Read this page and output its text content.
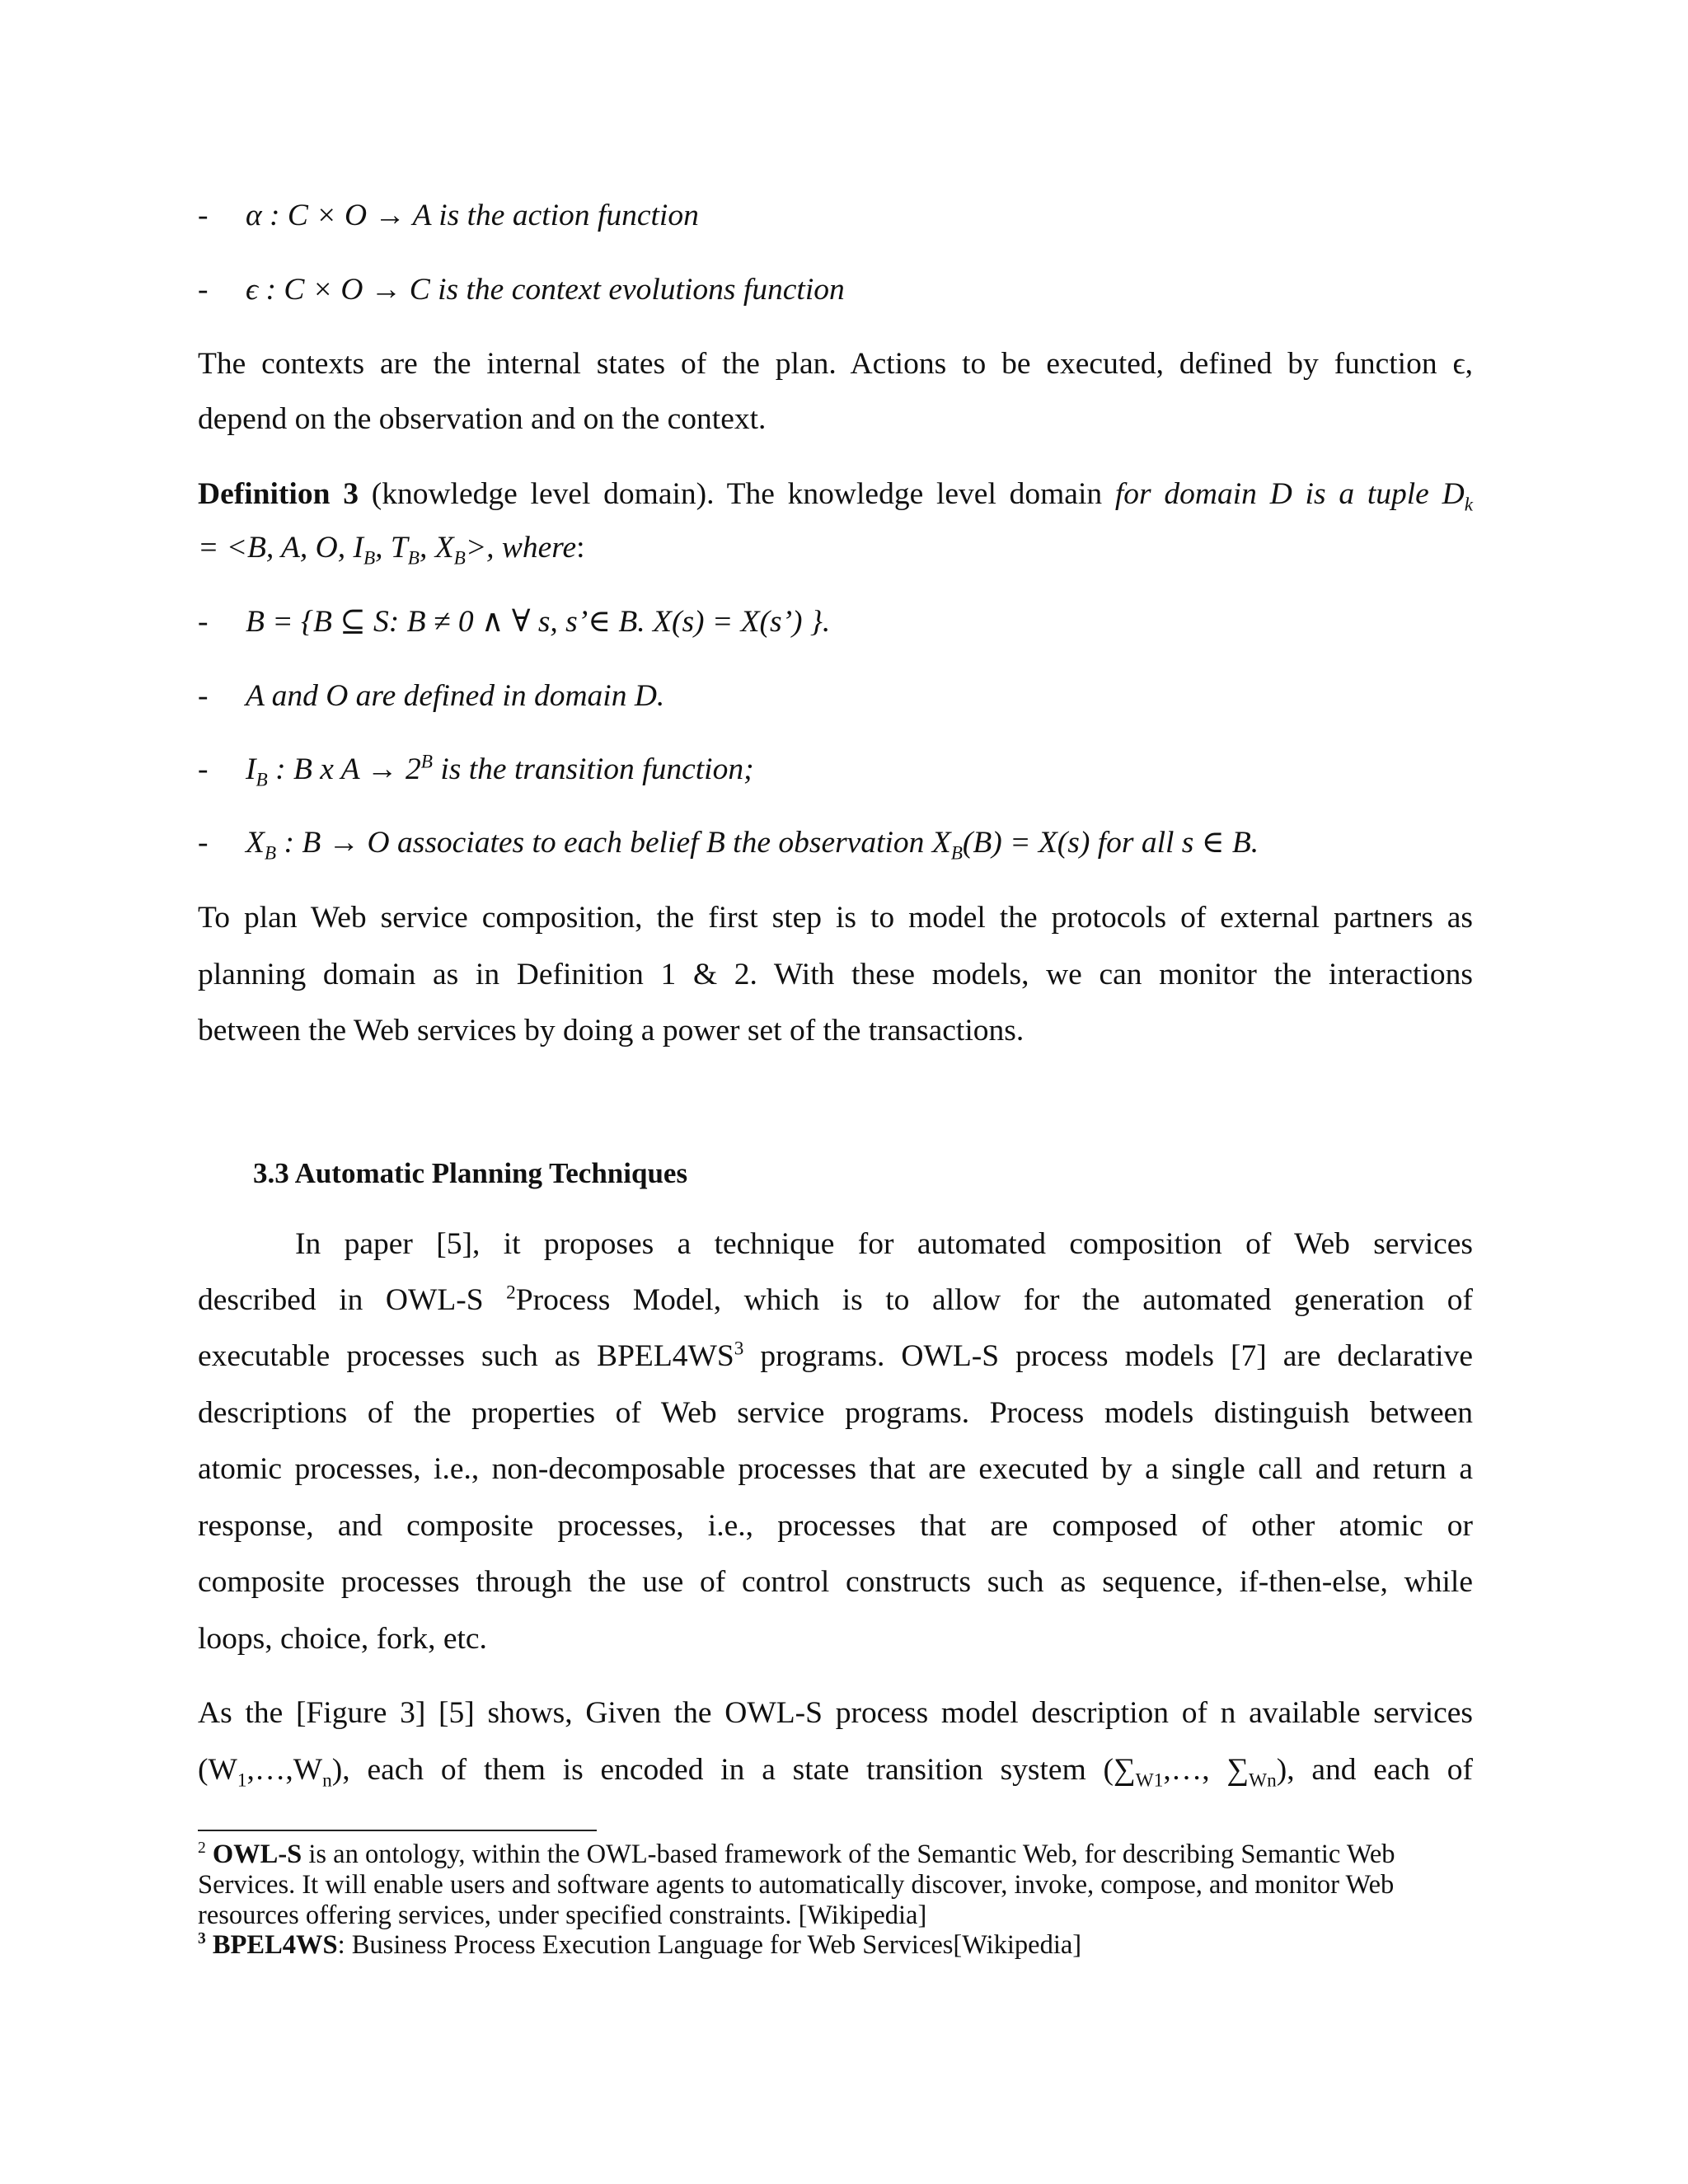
- α : C × O → A is the action function
- ϵ : C × O → C is the context evolutions function
The contexts are the internal states of the plan. Actions to be executed, defined by function ϵ,
depend on the observation and on the context.
Definition 3 (knowledge level domain). The knowledge level domain for domain D is a tuple $D_k$
= <B, A, O, $I_B$, $T_B$, $X_B>$, where:
- B = {B ⊆ S: B ≠ 0 ∧ ∀ s, s’∈ B. X(s) = X(s’) }.
- A and O are defined in domain D.
- $I_B$ : B x $A \to 2^B$ is the transition function;
- $X_B$ : B → O associates to each belief B the observation $X_B(B) = X(s)$ for all s ∈ B.
To plan Web service composition, the first step is to model the protocols of external partners as
planning domain as in Definition 1 & 2. With these models, we can monitor the interactions
between the Web services by doing a power set of the transactions.
3.3 Automatic Planning Techniques
In paper [5], it proposes a technique for automated composition of Web services
described in OWL-S $^2$Process Model, which is to allow for the automated generation of
executable processes such as $BPEL4WS^3$ programs. OWL-S process models [7] are declarative
descriptions of the properties of Web service programs. Process models distinguish between
atomic processes, i.e., non-decomposable processes that are executed by a single call and return a
response, and composite processes, i.e., processes that are composed of other atomic or
composite processes through the use of control constructs such as sequence, if-then-else, while
loops, choice, fork, etc.
As the [Figure 3] [5] shows, Given the OWL-S process model description of n available services
$(W_1,\dots,W_n)$, each of them is encoded in a state transition system ($\sum_{W1},\dots$, $\sum_{Wn}$), and each of
$^2$ OWL-S is an ontology, within the OWL-based framework of the Semantic Web, for describing Semantic Web Services. It will enable users and software agents to automatically discover, invoke, compose, and monitor Web resources offering services, under specified constraints. [Wikipedia]
$^3$ BPEL4WS: Business Process Execution Language for Web Services[Wikipedia]
